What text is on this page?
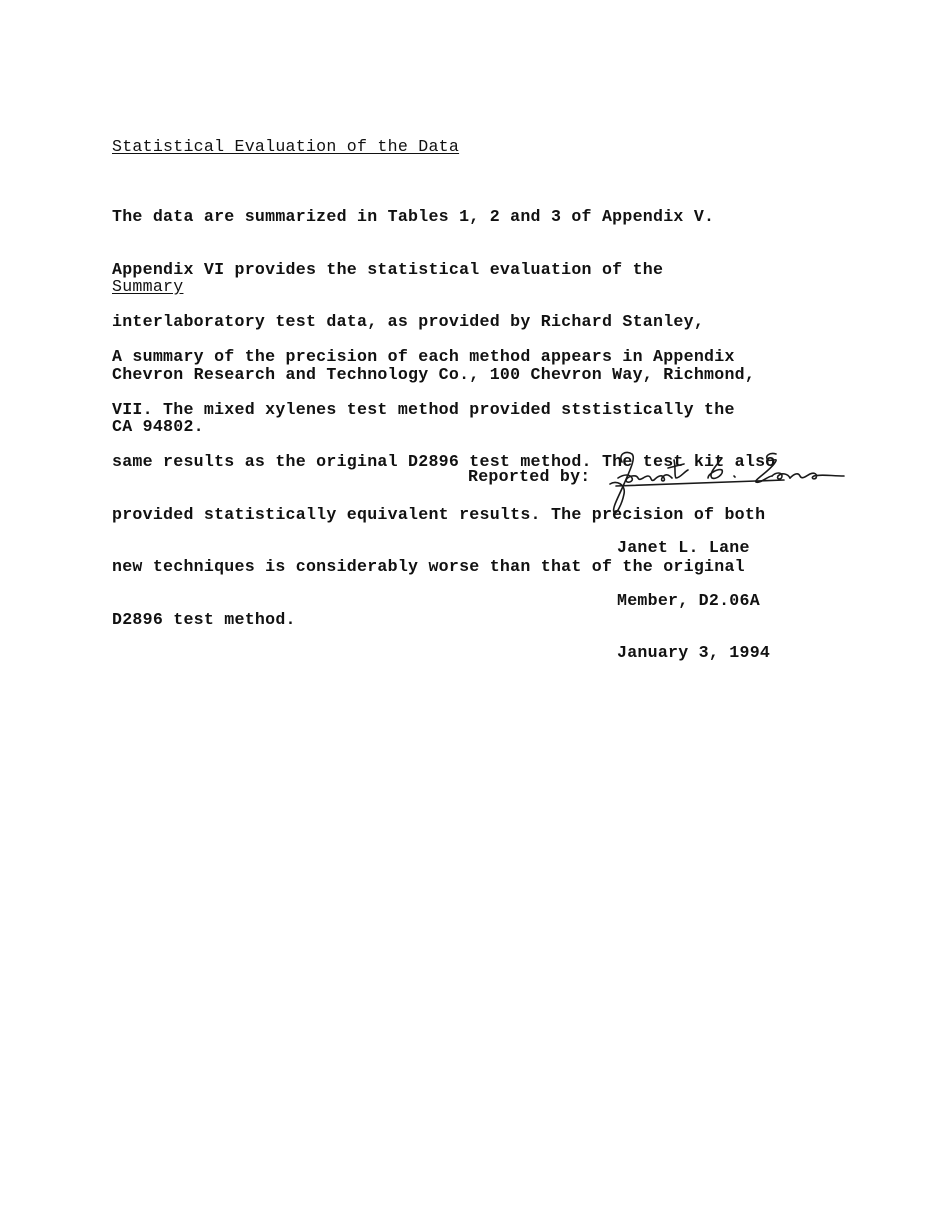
Statistical Evaluation of the Data

The data are summarized in Tables 1, 2 and 3 of Appendix V.

Appendix VI provides the statistical evaluation of the

interlaboratory test data, as provided by Richard Stanley,

Chevron Research and Technology Co., 100 Chevron Way, Richmond,

CA 94802.

Summary

A summary of the precision of each method appears in Appendix

VII. The mixed xylenes test method provided ststistically the

same results as the original D2896 test method. The test kit also

provided statistically equivalent results. The precision of both

new techniques is considerably worse than that of the original

D2896 test method.

Reported by:

Janet L. Lane

Member, D2.06A

January 3, 1994
